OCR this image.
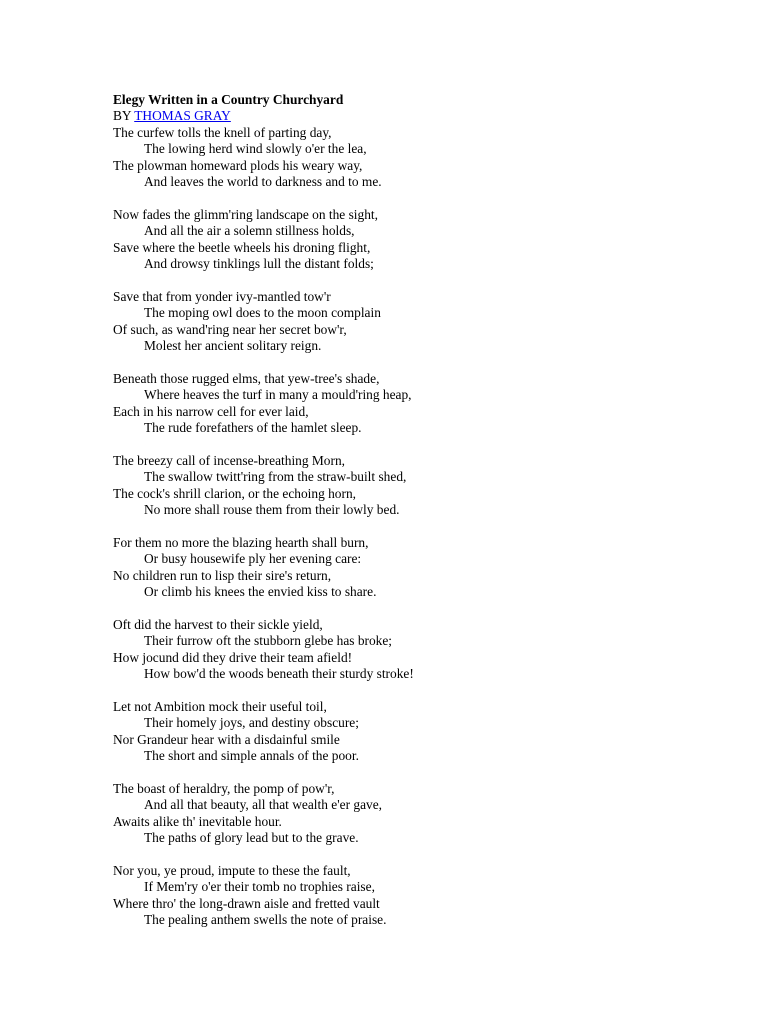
Elegy Written in a Country Churchyard
BY THOMAS GRAY
The curfew tolls the knell of parting day,
The lowing herd wind slowly o'er the lea,
The plowman homeward plods his weary way,
And leaves the world to darkness and to me.
Now fades the glimm'ring landscape on the sight,
And all the air a solemn stillness holds,
Save where the beetle wheels his droning flight,
And drowsy tinklings lull the distant folds;
Save that from yonder ivy-mantled tow'r
The moping owl does to the moon complain
Of such, as wand'ring near her secret bow'r,
Molest her ancient solitary reign.
Beneath those rugged elms, that yew-tree's shade,
Where heaves the turf in many a mould'ring heap,
Each in his narrow cell for ever laid,
The rude forefathers of the hamlet sleep.
The breezy call of incense-breathing Morn,
The swallow twitt'ring from the straw-built shed,
The cock's shrill clarion, or the echoing horn,
No more shall rouse them from their lowly bed.
For them no more the blazing hearth shall burn,
Or busy housewife ply her evening care:
No children run to lisp their sire's return,
Or climb his knees the envied kiss to share.
Oft did the harvest to their sickle yield,
Their furrow oft the stubborn glebe has broke;
How jocund did they drive their team afield!
How bow'd the woods beneath their sturdy stroke!
Let not Ambition mock their useful toil,
Their homely joys, and destiny obscure;
Nor Grandeur hear with a disdainful smile
The short and simple annals of the poor.
The boast of heraldry, the pomp of pow'r,
And all that beauty, all that wealth e'er gave,
Awaits alike th' inevitable hour.
The paths of glory lead but to the grave.
Nor you, ye proud, impute to these the fault,
If Mem'ry o'er their tomb no trophies raise,
Where thro' the long-drawn aisle and fretted vault
The pealing anthem swells the note of praise.
